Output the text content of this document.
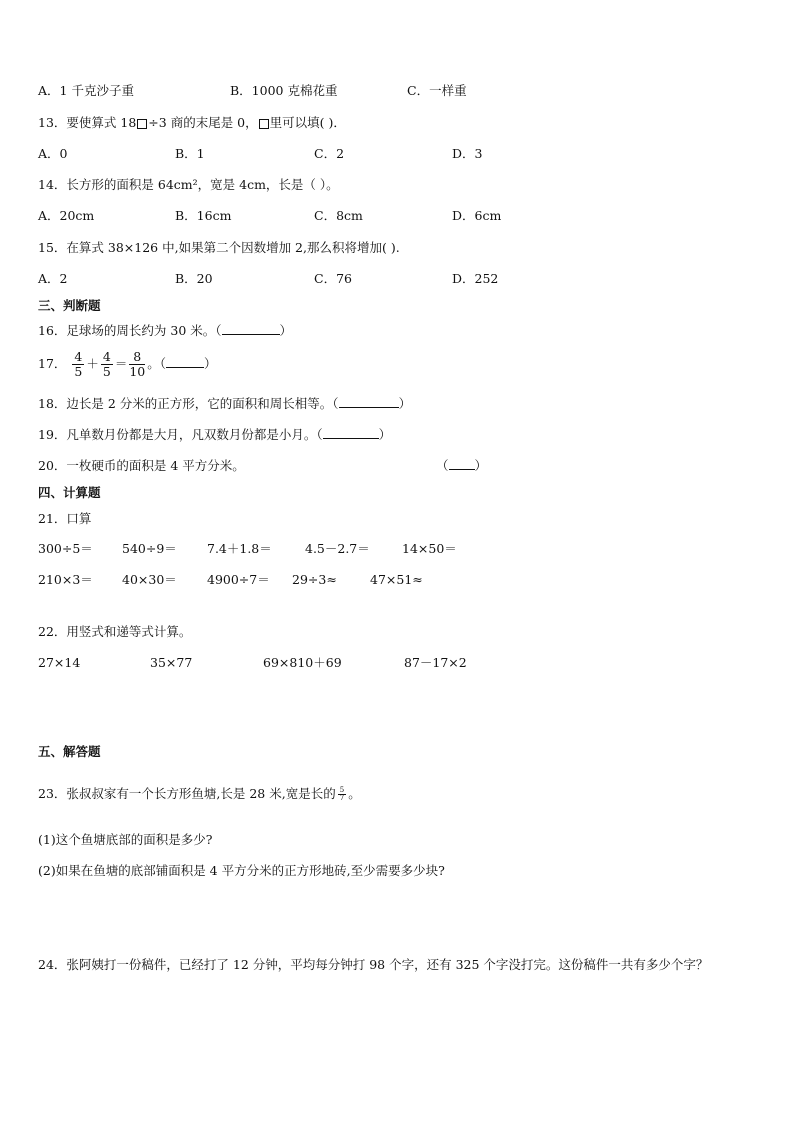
A．1 千克沙子重	B．1000 克棉花重	C．一样重
13．要使算式 18 ÷3 商的末尾是 0， 里可以填( )．
A．0	B．1	C．2	D．3
14．长方形的面积是 64cm²，宽是 4cm，长是（ ）。
A．20cm	B．16cm	C．8cm	D．6cm
15．在算式 38×126 中,如果第二个因数增加 2,那么积将增加( ).
A．2	B．20	C．76	D．252
三、判断题
16．足球场的周长约为 30 米。（	）
17． $\frac{4}{5} + \frac{4}{5} = \frac{8}{10}$ 。（	）
18．边长是 2 分米的正方形，它的面积和周长相等。（	）
19．凡单数月份都是大月，凡双数月份都是小月。（	）
20．一枚硬币的面积是 4 平方分米。	（ ）
四、计算题
21．口算
300÷5＝ 540÷9＝ 7.4＋1.8＝	4.5－2.7＝	14×50＝
210×3＝ 40×30＝ 4900÷7＝ 29÷3≈	47×51≈
22．用竖式和递等式计算。
27×14	35×77	69×810＋69	87－17×2
五、解答题
23．张叔叔家有一个长方形鱼塘,长是 28 米,宽是长的 $\frac{5}{7}$ 。
(1)这个鱼塘底部的面积是多少?
(2)如果在鱼塘的底部铺面积是 4 平方分米的正方形地砖,至少需要多少块?
24．张阿姨打一份稿件，已经打了 12 分钟，平均每分钟打 98 个字，还有 325 个字没打完。这份稿件一共有多少个字？
